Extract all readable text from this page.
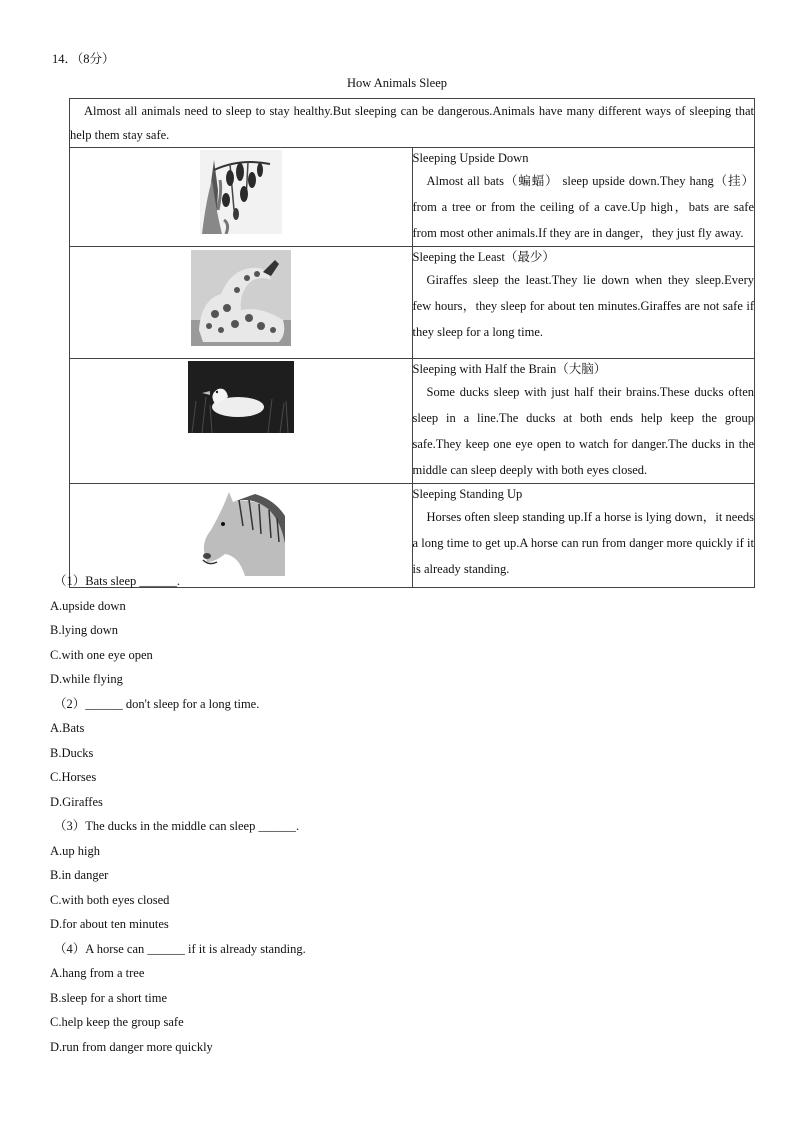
14．（8分）
How Animals Sleep
Almost all animals need to sleep to stay healthy.But sleeping can be dangerous.Animals have many different ways of sleeping that help them stay safe.	

Sleeping Upside Down
Almost all bats（蝙蝠） sleep upside down.They hang（挂） from a tree or from the ceiling of a cave.Up high，bats are safe from most other animals.If they are in danger，they just fly away.

Sleeping the Least（最少）
Giraffes sleep the least.They lie down when they sleep.Every few hours，they sleep for about ten minutes.Giraffes are not safe if they sleep for a long time.

Sleeping with Half the Brain（大脑）
Some ducks sleep with just half their brains.These ducks often sleep in a line.The ducks at both ends help keep the group safe.They keep one eye open to watch for danger.The ducks in the middle can sleep deeply with both eyes closed.

Sleeping Standing Up
Horses often sleep standing up.If a horse is lying down，it needs a long time to get up.A horse can run from danger more quickly if it is already standing.
（1）Bats sleep ______.
A.upside down
B.lying down
C.with one eye open
D.while flying
（2）______ don't sleep for a long time.
A.Bats
B.Ducks
C.Horses
D.Giraffes
（3）The ducks in the middle can sleep ______.
A.up high
B.in danger
C.with both eyes closed
D.for about ten minutes
（4）A horse can ______ if it is already standing.
A.hang from a tree
B.sleep for a short time
C.help keep the group safe
D.run from danger more quickly
